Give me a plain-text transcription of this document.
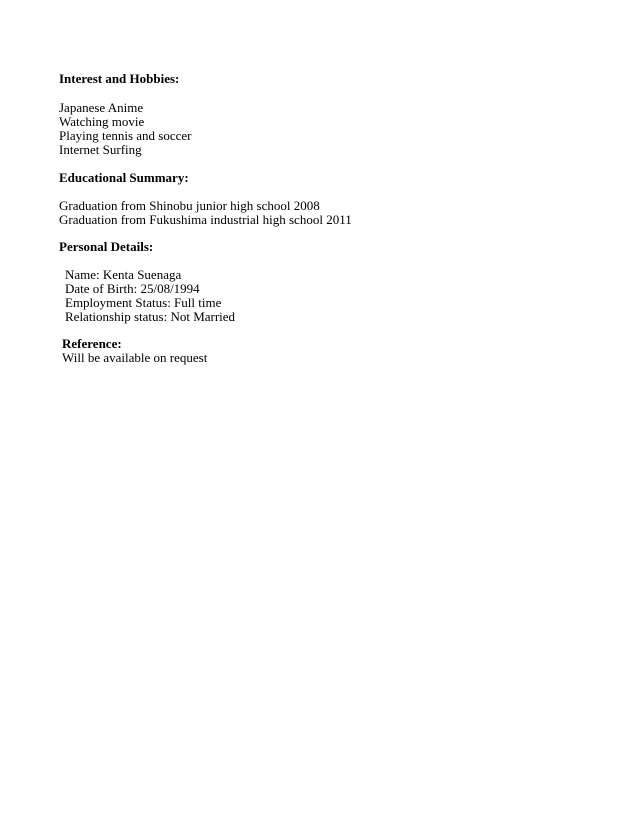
Interest and Hobbies:
Japanese Anime
Watching movie
Playing tennis and soccer
Internet Surfing
Educational Summary:
Graduation from Shinobu junior high school 2008
Graduation from Fukushima industrial high school 2011
Personal Details:
Name: Kenta Suenaga
Date of Birth: 25/08/1994
Employment Status: Full time
Relationship status: Not Married
Reference:
Will be available on request
